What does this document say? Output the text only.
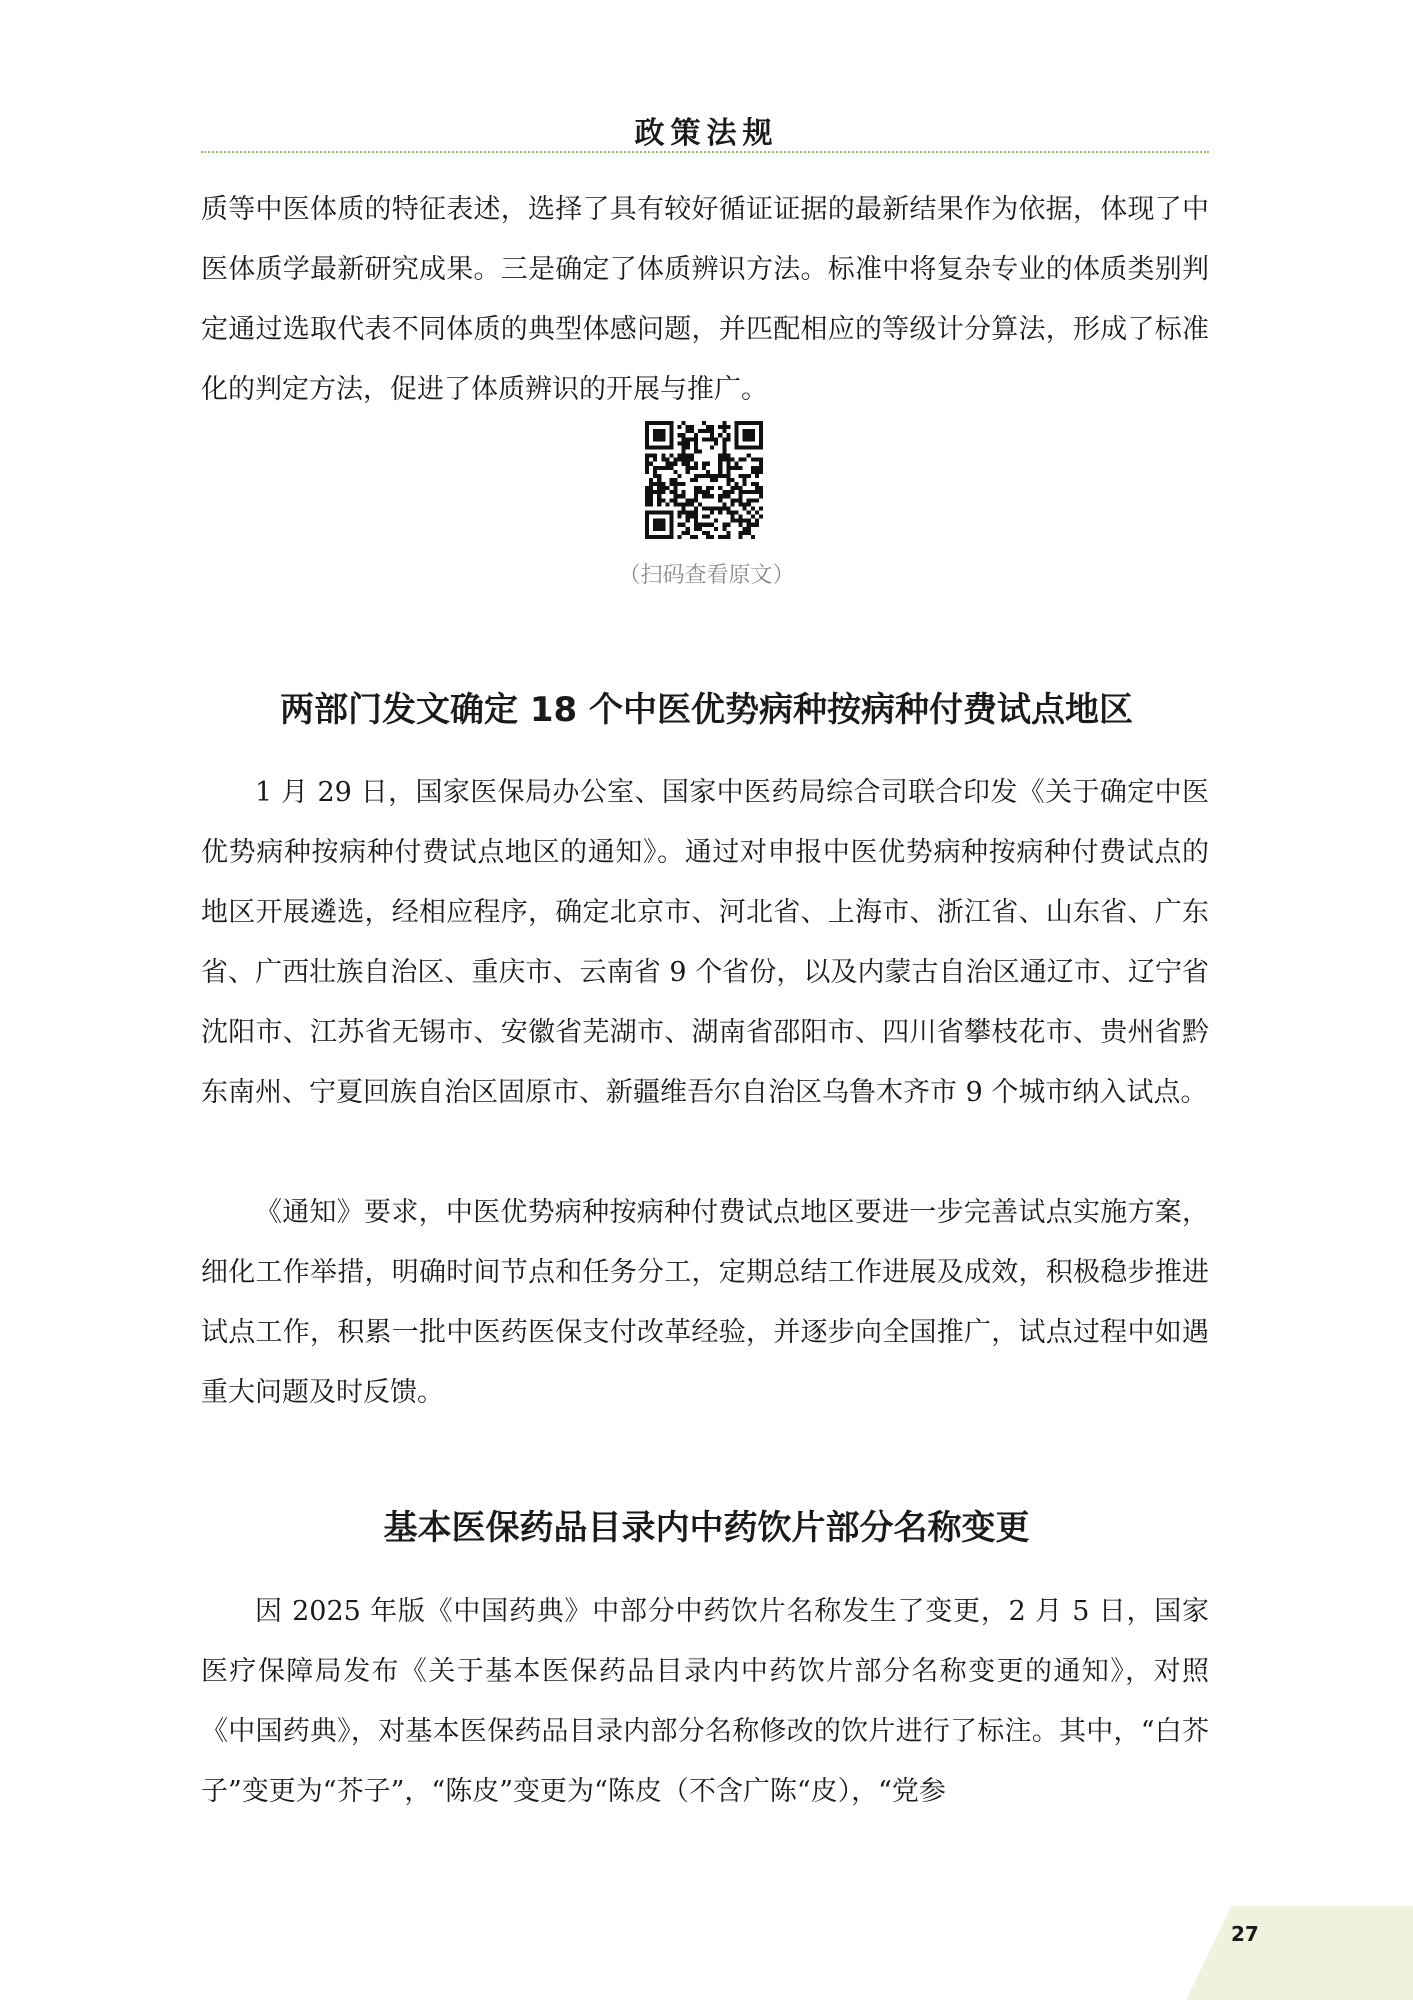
政策法规

质等中医体质的特征表述，选择了具有较好循证证据的最新结果作为依据，体现了中医体质学最新研究成果。三是确定了体质辨识方法。标准中将复杂专业的体质类别判定通过选取代表不同体质的典型体感问题，并匹配相应的等级计分算法，形成了标准化的判定方法，促进了体质辨识的开展与推广。

（扫码查看原文）
两部门发文确定 18 个中医优势病种按病种付费试点地区

1 月 29 日，国家医保局办公室、国家中医药局综合司联合印发《关于确定中医优势病种按病种付费试点地区的通知》。通过对申报中医优势病种按病种付费试点的地区开展遴选，经相应程序，确定北京市、河北省、上海市、浙江省、山东省、广东省、广西壮族自治区、重庆市、云南省 9 个省份，以及内蒙古自治区通辽市、辽宁省沈阳市、江苏省无锡市、安徽省芜湖市、湖南省邵阳市、四川省攀枝花市、贵州省黔东南州、宁夏回族自治区固原市、新疆维吾尔自治区乌鲁木齐市 9 个城市纳入试点。

《通知》要求，中医优势病种按病种付费试点地区要进一步完善试点实施方案，细化工作举措，明确时间节点和任务分工，定期总结工作进展及成效，积极稳步推进试点工作，积累一批中医药医保支付改革经验，并逐步向全国推广，试点过程中如遇重大问题及时反馈。

基本医保药品目录内中药饮片部分名称变更

因 2025 年版《中国药典》中部分中药饮片名称发生了变更，2 月 5 日，国家医疗保障局发布《关于基本医保药品目录内中药饮片部分名称变更的通知》，对照《中国药典》，对基本医保药品目录内部分名称修改的饮片进行了标注。其中，“白芥子”变更为“芥子”，“陈皮”变更为“陈皮（不含广陈“皮），“党参

27
